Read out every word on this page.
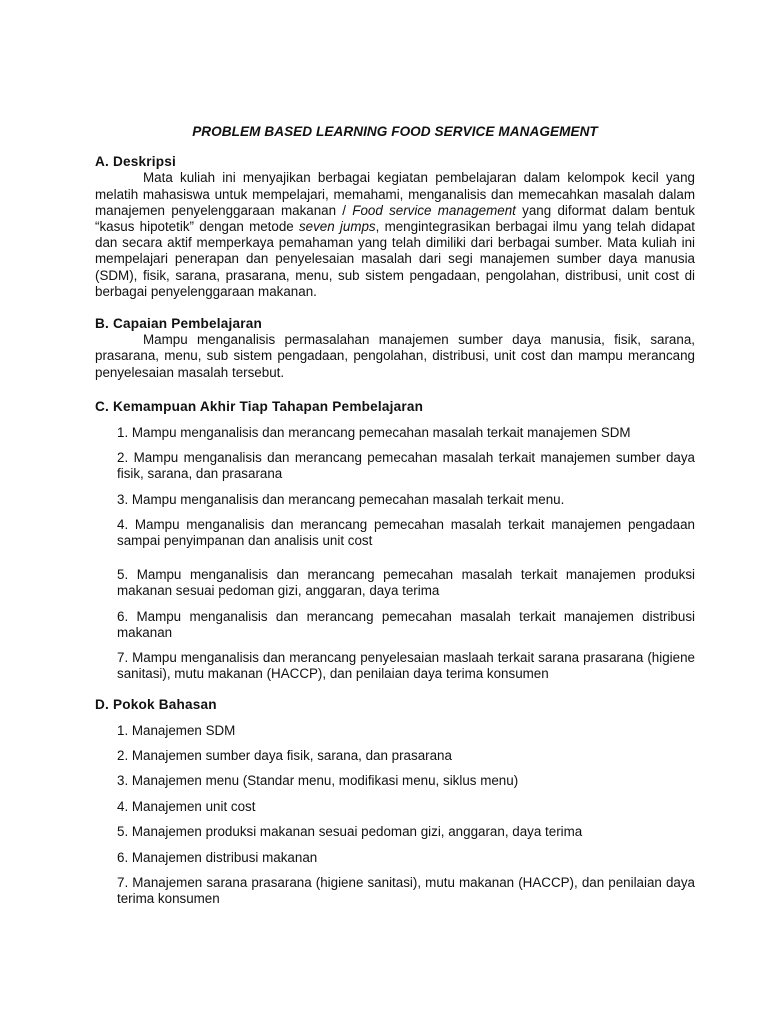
PROBLEM BASED LEARNING FOOD SERVICE MANAGEMENT
A. Deskripsi

Mata kuliah ini menyajikan berbagai kegiatan pembelajaran dalam kelompok kecil yang melatih mahasiswa untuk mempelajari, memahami, menganalisis dan memecahkan masalah dalam manajemen penyelenggaraan makanan / Food service management yang diformat dalam bentuk “kasus hipotetik” dengan metode seven jumps, mengintegrasikan berbagai ilmu yang telah didapat dan secara aktif memperkaya pemahaman yang telah dimiliki dari berbagai sumber. Mata kuliah ini mempelajari penerapan dan penyelesaian masalah dari segi manajemen sumber daya manusia (SDM), fisik, sarana, prasarana, menu, sub sistem pengadaan, pengolahan, distribusi, unit cost di berbagai penyelenggaraan makanan.

B. Capaian Pembelajaran

Mampu menganalisis permasalahan manajemen sumber daya manusia, fisik, sarana, prasarana, menu, sub sistem pengadaan, pengolahan, distribusi, unit cost dan mampu merancang penyelesaian masalah tersebut.

C. Kemampuan Akhir Tiap Tahapan Pembelajaran
1. Mampu menganalisis dan merancang pemecahan masalah terkait manajemen SDM
2. Mampu menganalisis dan merancang pemecahan masalah terkait manajemen sumber daya fisik, sarana, dan prasarana
3. Mampu menganalisis dan merancang pemecahan masalah terkait menu.
4. Mampu menganalisis dan merancang pemecahan masalah terkait manajemen pengadaan sampai penyimpanan dan analisis unit cost
5. Mampu menganalisis dan merancang pemecahan masalah terkait manajemen produksi makanan sesuai pedoman gizi, anggaran, daya terima
6. Mampu menganalisis dan merancang pemecahan masalah terkait manajemen distribusi makanan
7. Mampu menganalisis dan merancang penyelesaian maslaah terkait sarana prasarana (higiene sanitasi), mutu makanan (HACCP), dan penilaian daya terima konsumen
D. Pokok Bahasan
1. Manajemen SDM
2. Manajemen sumber daya fisik, sarana, dan prasarana
3. Manajemen menu (Standar menu, modifikasi menu, siklus menu)
4. Manajemen unit cost
5. Manajemen produksi makanan sesuai pedoman gizi, anggaran, daya terima
6. Manajemen distribusi makanan
7. Manajemen sarana prasarana (higiene sanitasi), mutu makanan (HACCP), dan penilaian daya terima konsumen
